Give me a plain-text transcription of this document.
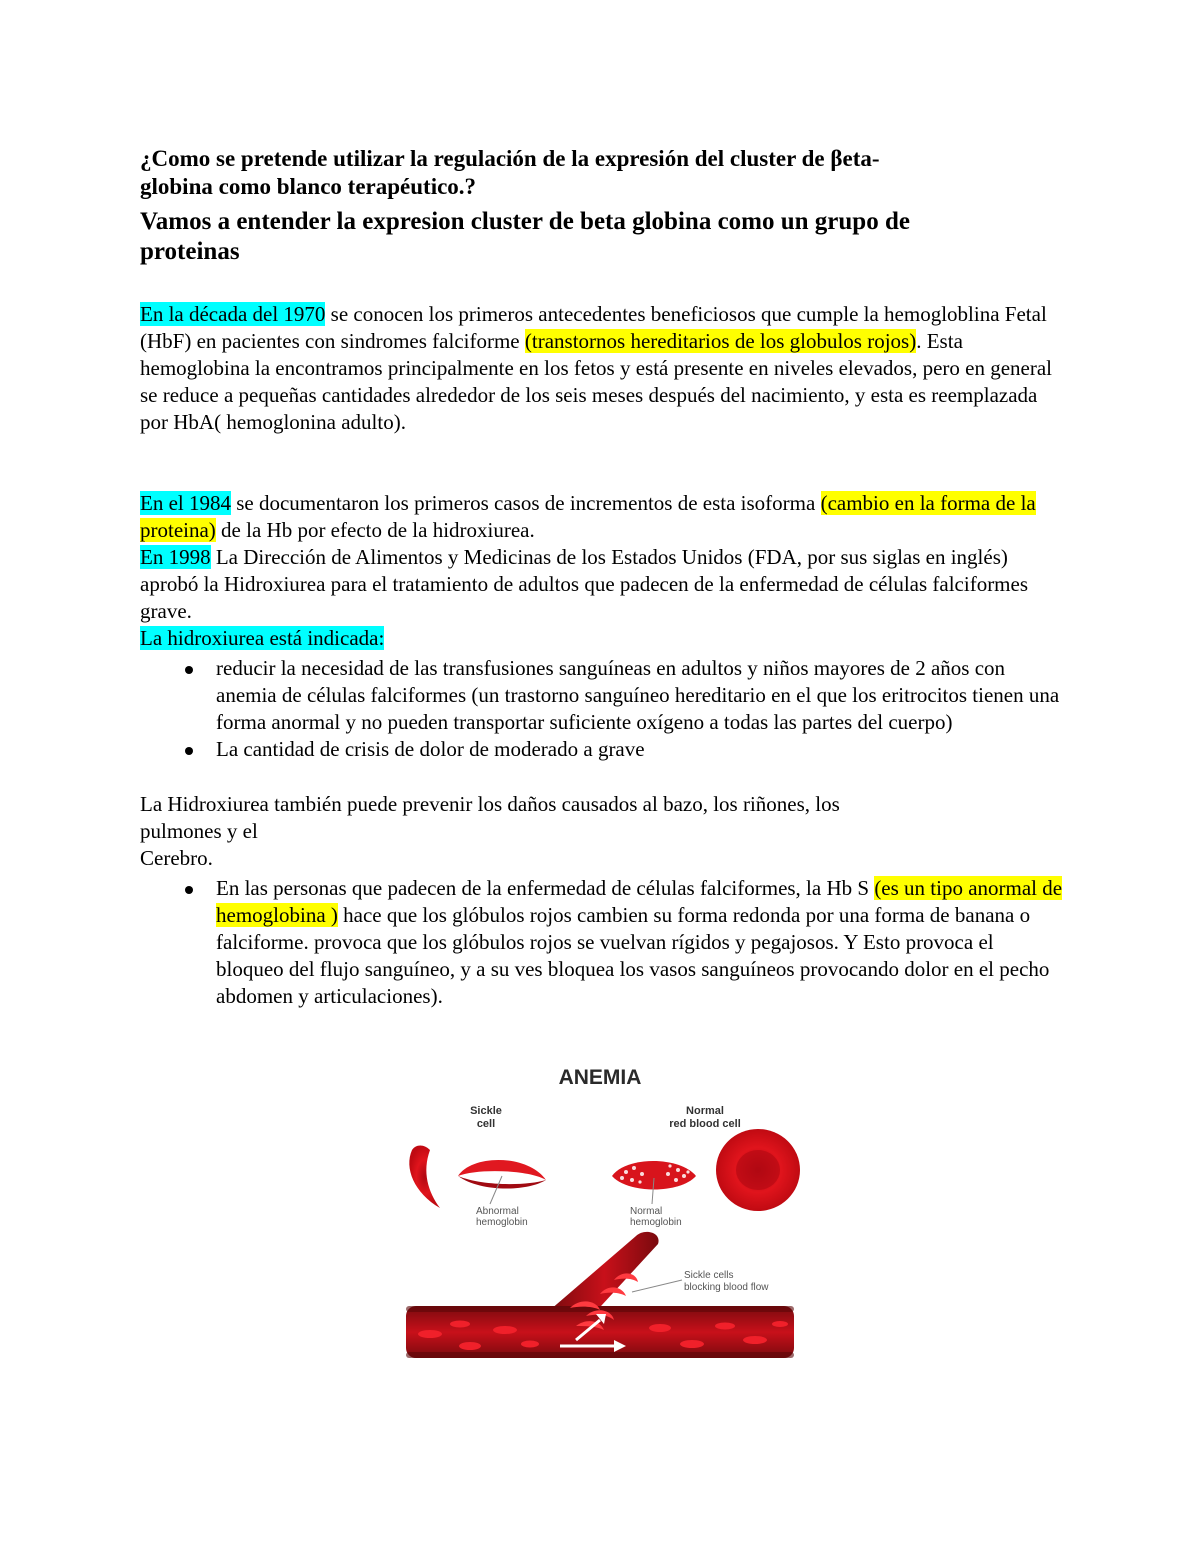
¿Como se pretende utilizar la regulación de la expresión del cluster de βeta-
globina como blanco terapéutico.?
Vamos a entender la expresion cluster de beta globina como un grupo de
proteinas
En la década del 1970 se conocen los primeros antecedentes beneficiosos que cumple la hemogloblina Fetal (HbF) en pacientes con sindromes falciforme (transtornos hereditarios de los globulos rojos). Esta hemoglobina la encontramos principalmente en los fetos y está presente en niveles elevados, pero en general se reduce a pequeñas cantidades alrededor de los seis meses después del nacimiento, y esta es reemplazada por HbA( hemoglonina adulto).
En el 1984 se documentaron los primeros casos de incrementos de esta isoforma (cambio en la forma de la proteina) de la Hb por efecto de la hidroxiurea.
En 1998 La Dirección de Alimentos y Medicinas de los Estados Unidos (FDA, por sus siglas en inglés) aprobó la Hidroxiurea para el tratamiento de adultos que padecen de la enfermedad de células falciformes grave.
La hidroxiurea está indicada:
reducir la necesidad de las transfusiones sanguíneas en adultos y niños mayores de 2 años con anemia de células falciformes (un trastorno sanguíneo hereditario en el que los eritrocitos tienen una forma anormal y no pueden transportar suficiente oxígeno a todas las partes del cuerpo)
La cantidad de crisis de dolor de moderado a grave
La Hidroxiurea también puede prevenir los daños causados al bazo, los riñones, los
pulmones y el
Cerebro.
En las personas que padecen de la enfermedad de células falciformes, la Hb S (es un tipo anormal de hemoglobina ) hace que los glóbulos rojos cambien su forma redonda por una forma de banana o falciforme. provoca que los glóbulos rojos se vuelvan rígidos y pegajosos. Y Esto provoca el bloqueo del flujo sanguíneo, y a su ves bloquea los vasos sanguíneos provocando dolor en el pecho abdomen y articulaciones).
ANEMIA
Sickle
cell
Normal
red blood cell
Abnormal
hemoglobin
Normal
hemoglobin
Sickle cells
blocking blood flow
